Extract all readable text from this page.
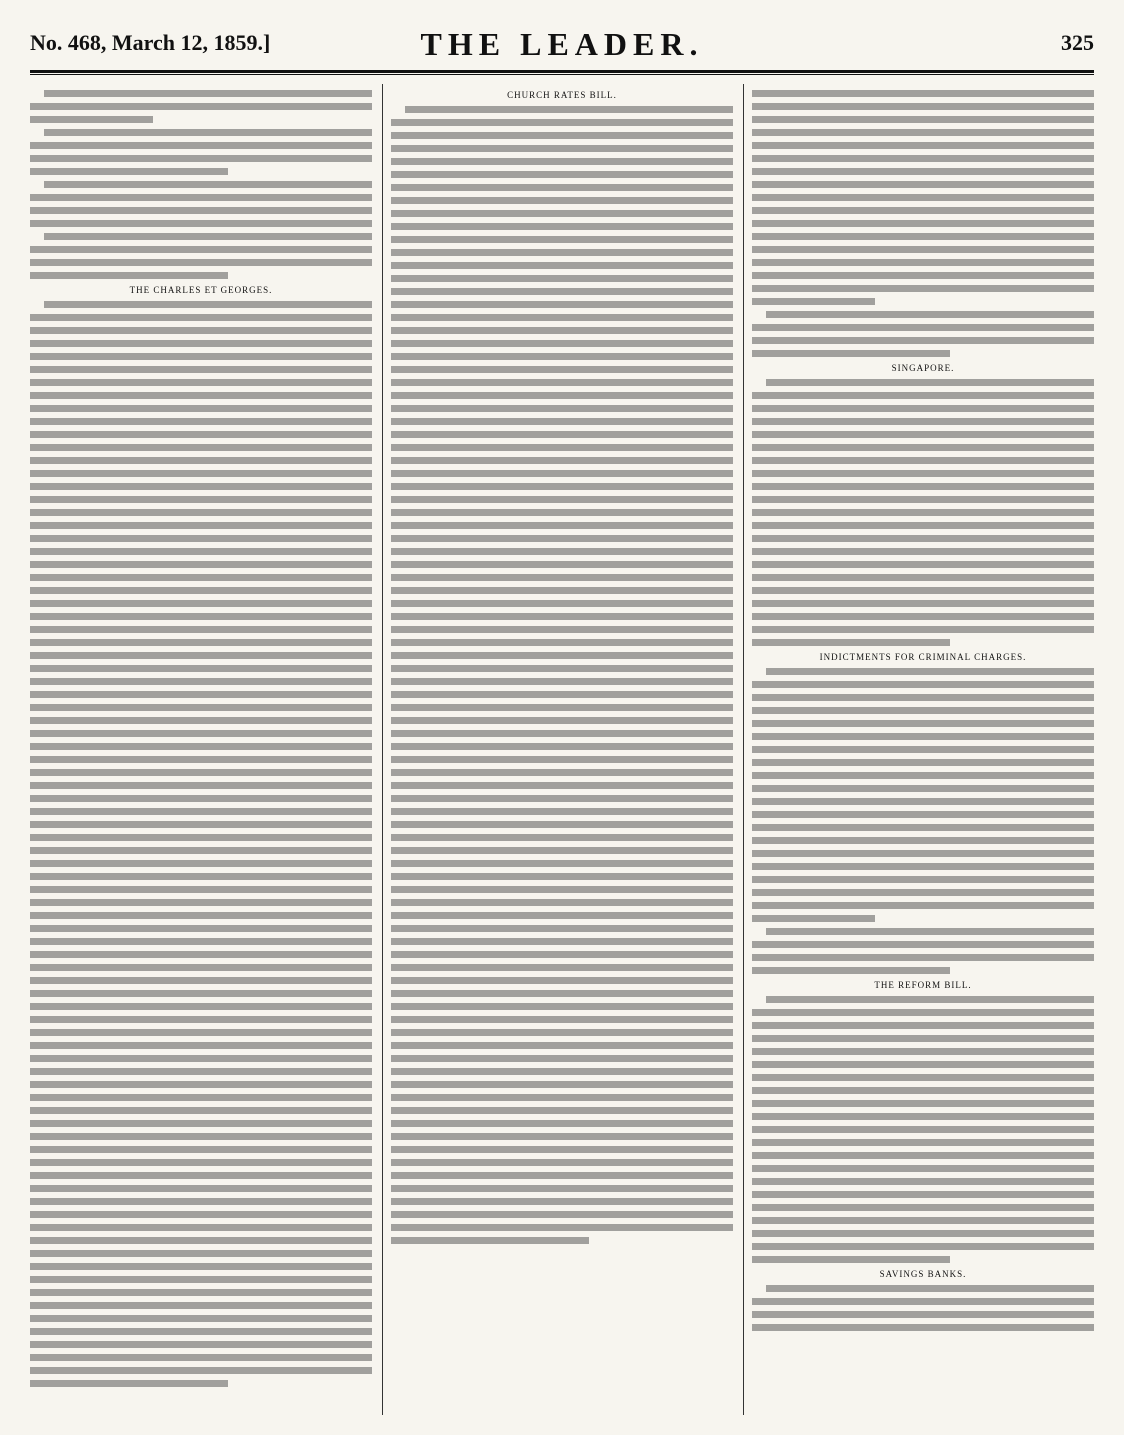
No. 468, March 12, 1859.]	THE LEADER.	325
THE CHARLES ET GEORGES.
CHURCH RATES BILL.
SINGAPORE.
INDICTMENTS FOR CRIMINAL CHARGES.
THE REFORM BILL.
SAVINGS BANKS.
